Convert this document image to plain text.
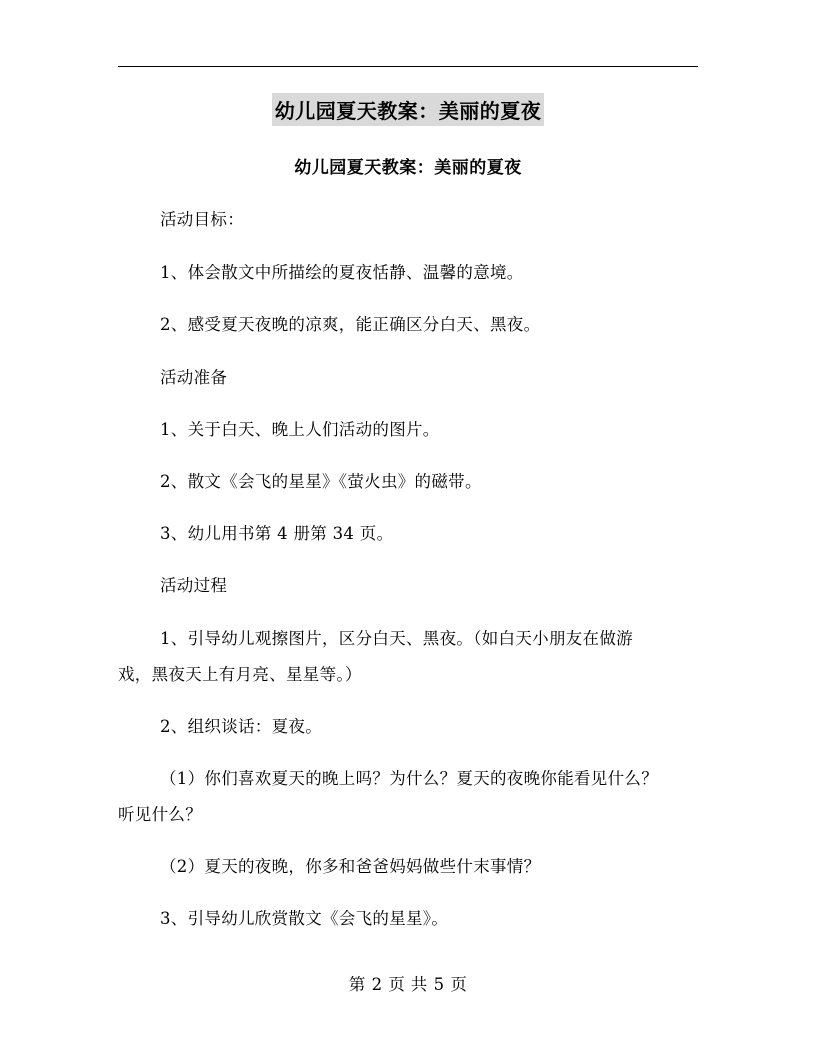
幼儿园夏天教案：美丽的夏夜
幼儿园夏天教案：美丽的夏夜
活动目标：
1、体会散文中所描绘的夏夜恬静、温馨的意境。
2、感受夏天夜晚的凉爽，能正确区分白天、黑夜。
活动准备
1、关于白天、晚上人们活动的图片。
2、散文《会飞的星星》《萤火虫》的磁带。
3、幼儿用书第 4 册第 34 页。
活动过程
1、引导幼儿观擦图片，区分白天、黑夜。（如白天小朋友在做游
戏，黑夜天上有月亮、星星等。）
2、组织谈话：夏夜。
（1）你们喜欢夏天的晚上吗？为什么？夏天的夜晚你能看见什么？
听见什么？
（2）夏天的夜晚，你多和爸爸妈妈做些什末事情？
3、引导幼儿欣赏散文《会飞的星星》。
第 2 页 共 5 页
